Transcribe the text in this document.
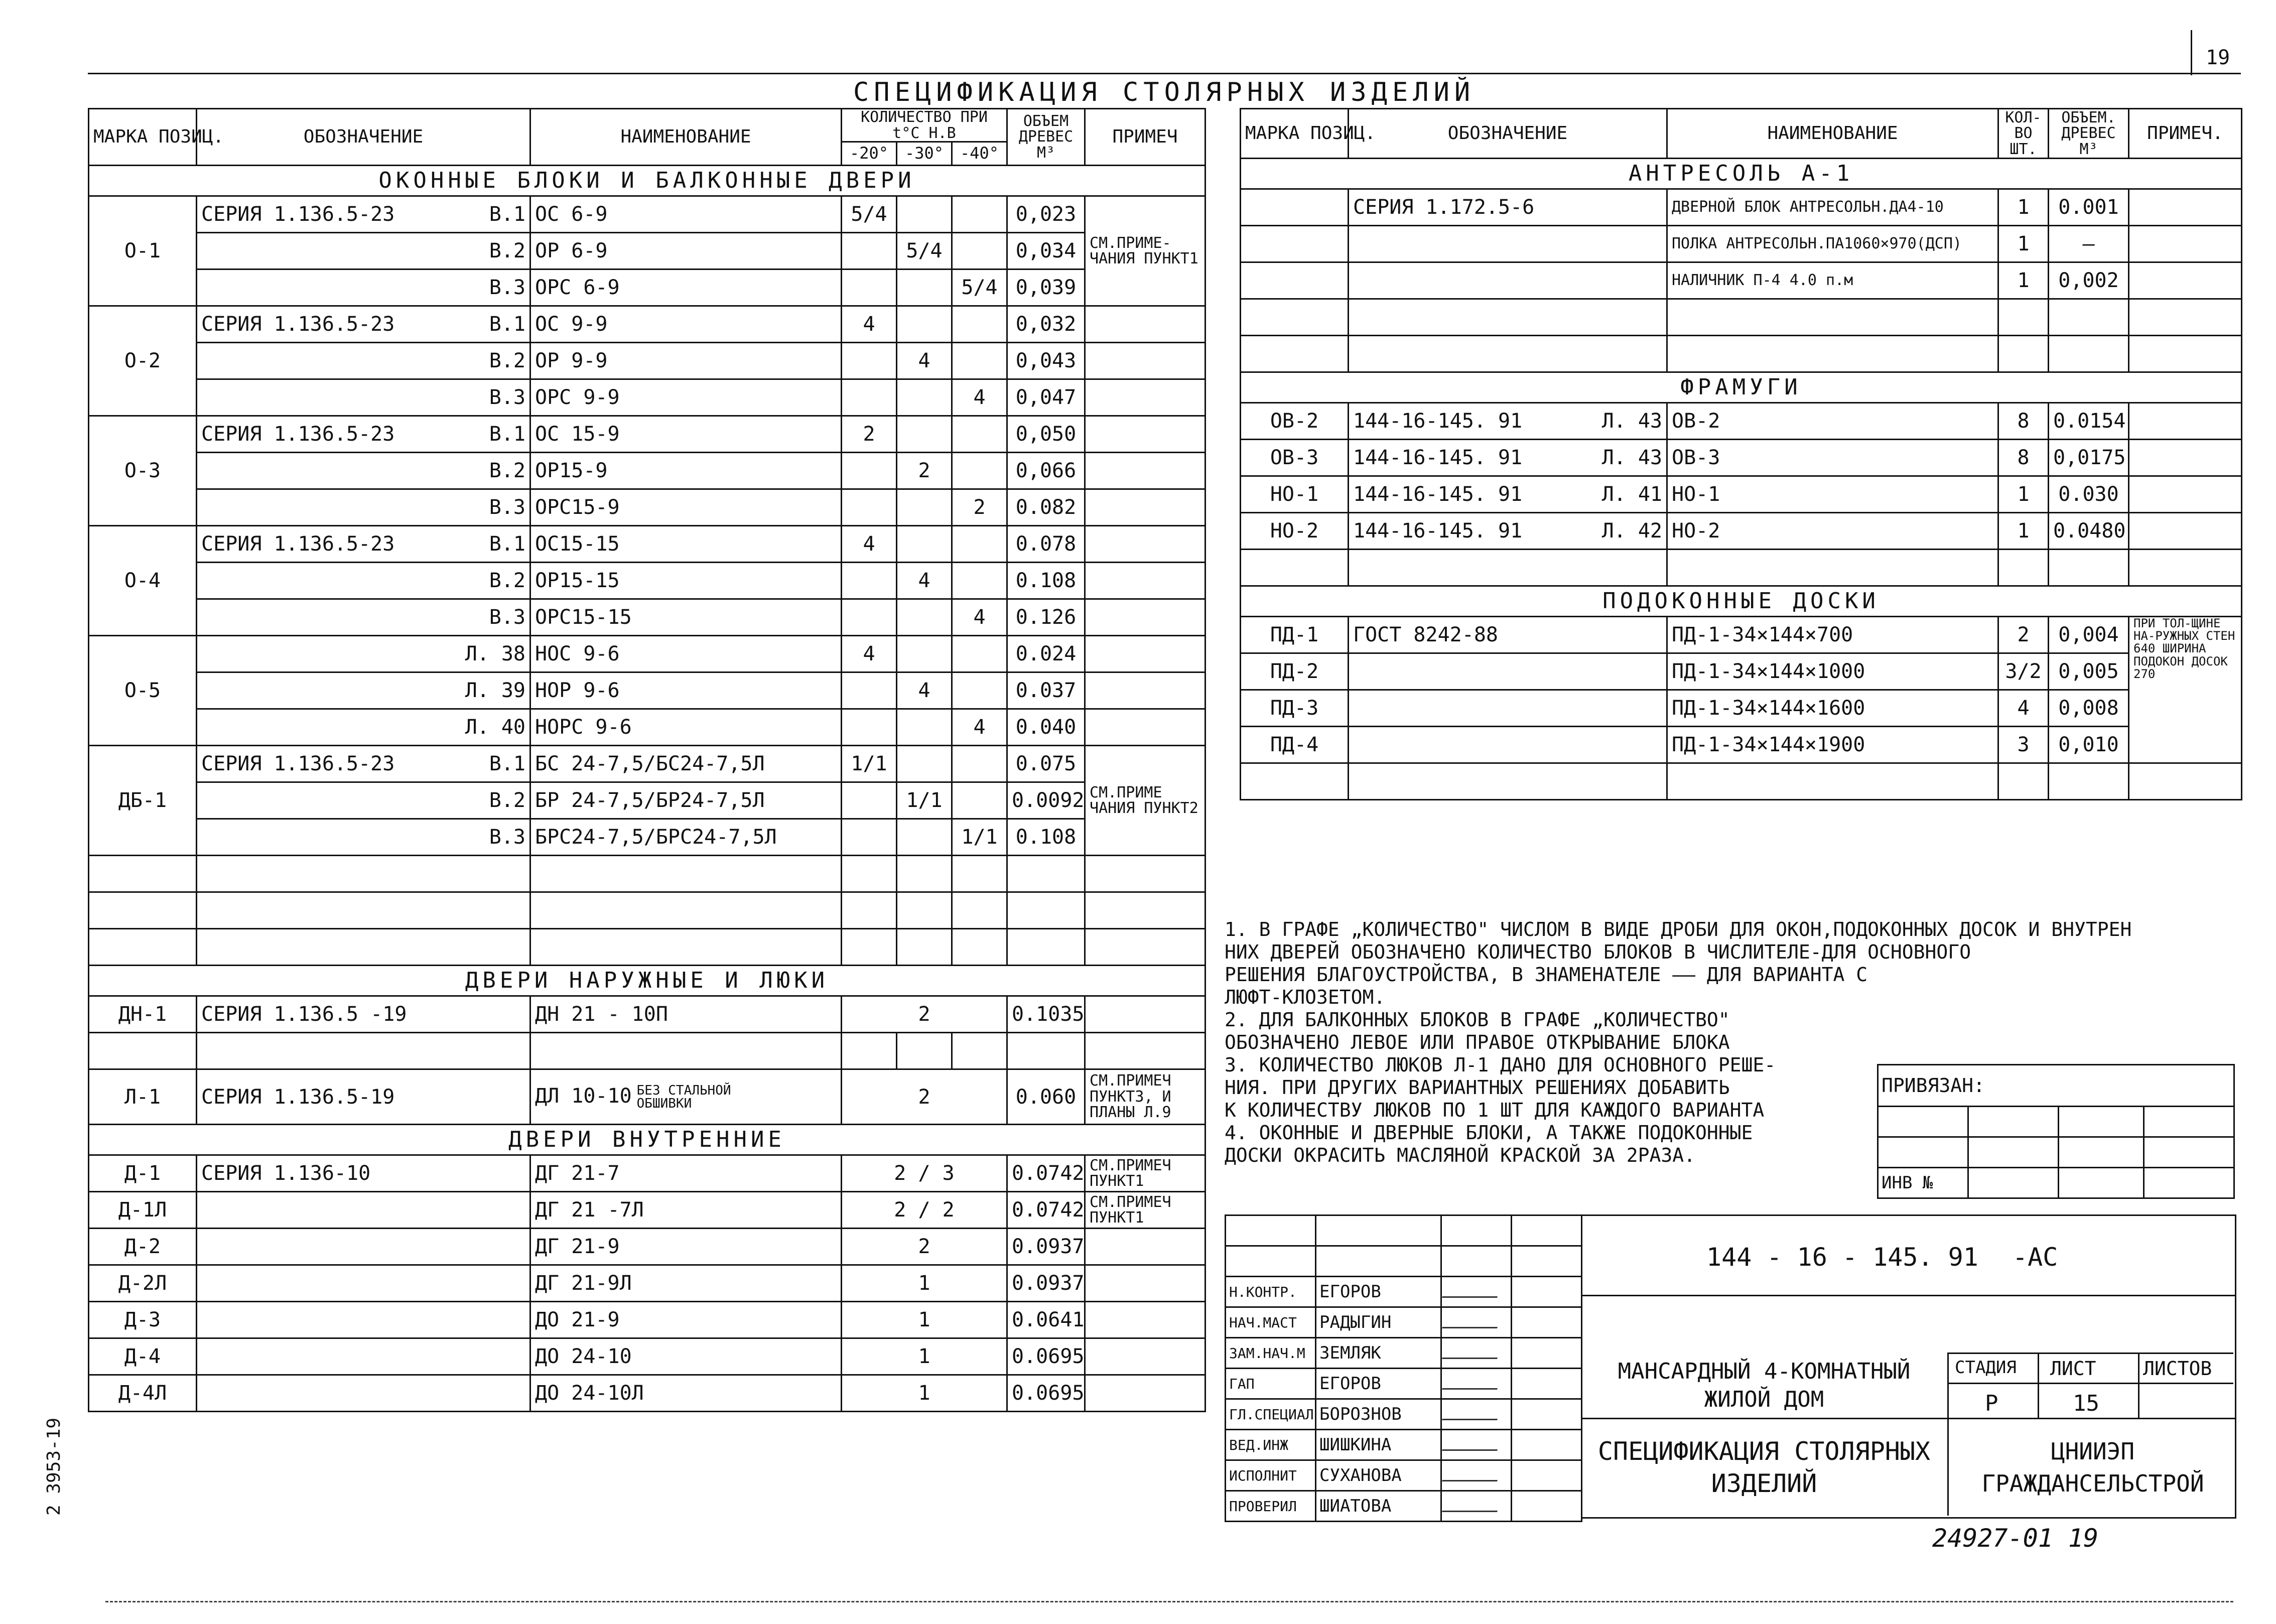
19
СПЕЦИФИКАЦИЯ СТОЛЯРНЫХ ИЗДЕЛИЙ
МАРКА ПОЗИЦ.	ОБОЗНАЧЕНИЕ	НАИМЕНОВАНИЕ	КОЛИЧЕСТВО ПРИ t°C Н.В			ОБЪЕМ ДРЕВЕС М³	ПРИМЕЧ
			-20°	-30°	-40°		
ОКОННЫЕ БЛОКИ И БАЛКОННЫЕ ДВЕРИ							
О-1	СЕРИЯ 1.136.5-23 В.1	ОС 6-9	5/4			0,023	СМ.ПРИМЕ-ЧАНИЯ ПУНКТ1

	В.2	ОР 6-9		5/4		0,034	

	В.3	ОРС 6-9			5/4	0,039	
О-2	СЕРИЯ 1.136.5-23 В.1	ОС 9-9	4			0,032	

	В.2	ОР 9-9		4		0,043	

	В.3	ОРС 9-9			4	0,047	
О-3	СЕРИЯ 1.136.5-23 В.1	ОС 15-9	2			0,050	

	В.2	ОР15-9		2		0,066	

	В.3	ОРС15-9			2	0.082	
О-4	СЕРИЯ 1.136.5-23 В.1	ОС15-15	4			0.078	

	В.2	ОР15-15		4		0.108	

	В.3	ОРС15-15			4	0.126	
О-5	Л. 38	НОС 9-6	4			0.024	

	Л. 39	НОР 9-6		4		0.037	

	Л. 40	НОРС 9-6			4	0.040	
ДБ-1	СЕРИЯ 1.136.5-23 В.1	БС 24-7,5/БС24-7,5Л	1/1			0.075	СМ.ПРИМЕ ЧАНИЯ ПУНКТ2

	В.2	БР 24-7,5/БР24-7,5Л		1/1		0.0092	

	В.3	БРС24-7,5/БРС24-7,5Л			1/1	0.108	

ДВЕРИ НАРУЖНЫЕ И ЛЮКИ							
ДН-1	СЕРИЯ 1.136.5 -19	ДН 21 - 10П	2			0.1035	

Л-1	СЕРИЯ 1.136.5-19	ДЛ 10-10 БЕЗ СТАЛЬНОЙ ОБШИВКИ	2			0.060	СМ.ПРИМЕЧ ПУНКТ3, И ПЛАНЫ Л.9
ДВЕРИ ВНУТРЕННИЕ							
Д-1	СЕРИЯ 1.136-10	ДГ 21-7	2 / 3			0.0742	СМ.ПРИМЕЧ ПУНКТ1
Д-1Л		ДГ 21 -7Л	2 / 2			0.0742	СМ.ПРИМЕЧ ПУНКТ1
Д-2		ДГ 21-9	2			0.0937	
Д-2Л		ДГ 21-9Л	1			0.0937	
Д-3		ДО 21-9	1			0.0641	
Д-4		ДО 24-10	1			0.0695	
Д-4Л		ДО 24-10Л	1			0.0695	
МАРКА ПОЗИЦ.	ОБОЗНАЧЕНИЕ	НАИМЕНОВАНИЕ	КОЛ-ВО ШТ.	ОБЪЕМ. ДРЕВЕС М³	ПРИМЕЧ.
АНТРЕСОЛЬ А-1					
	СЕРИЯ 1.172.5-6	ДВЕРНОЙ БЛОК АНТРЕСОЛЬН.ДА4-10	1	0.001	
		ПОЛКА АНТРЕСОЛЬН.ПА1060×970(ДСП)	1	—	
		НАЛИЧНИК П-4 4.0 п.м	1	0,002	

ФРАМУГИ					
ОВ-2	144-16-145. 91 Л. 43	ОВ-2	8	0.0154	
ОВ-3	144-16-145. 91 Л. 43	ОВ-3	8	0,0175	
НО-1	144-16-145. 91 Л. 41	НО-1	1	0.030	
НО-2	144-16-145. 91 Л. 42	НО-2	1	0.0480	

ПОДОКОННЫЕ ДОСКИ					
ПД-1	ГОСТ 8242-88	ПД-1-34×144×700	2	0,004	ПРИ ТОЛ-ЩИНЕ НА-РУЖНЫХ СТЕН 640 ШИРИНА ПОДОКОН ДОСОК 270
ПД-2		ПД-1-34×144×1000	3/2	0,005	
ПД-3		ПД-1-34×144×1600	4	0,008	
ПД-4		ПД-1-34×144×1900	3	0,010	

1. В ГРАФЕ „КОЛИЧЕСТВО" ЧИСЛОМ В ВИДЕ ДРОБИ ДЛЯ ОКОН,ПОДОКОННЫХ ДОСОК И ВНУТРЕН
НИХ ДВЕРЕЙ ОБОЗНАЧЕНО КОЛИЧЕСТВО БЛОКОВ В ЧИСЛИТЕЛЕ-ДЛЯ ОСНОВНОГО
РЕШЕНИЯ БЛАГОУСТРОЙСТВА, В ЗНАМЕНАТЕЛЕ —— ДЛЯ ВАРИАНТА С
ЛЮФТ-КЛОЗЕТОМ.
2. ДЛЯ БАЛКОННЫХ БЛОКОВ В ГРАФЕ „КОЛИЧЕСТВО"
ОБОЗНАЧЕНО ЛЕВОЕ ИЛИ ПРАВОЕ ОТКРЫВАНИЕ БЛОКА
3. КОЛИЧЕСТВО ЛЮКОВ Л-1 ДАНО ДЛЯ ОСНОВНОГО РЕШЕ-
НИЯ. ПРИ ДРУГИХ ВАРИАНТНЫХ РЕШЕНИЯХ ДОБАВИТЬ
К КОЛИЧЕСТВУ ЛЮКОВ ПО 1 ШТ ДЛЯ КАЖДОГО ВАРИАНТА
4. ОКОННЫЕ И ДВЕРНЫЕ БЛОКИ, А ТАКЖЕ ПОДОКОННЫЕ
ДОСКИ ОКРАСИТЬ МАСЛЯНОЙ КРАСКОЙ ЗА 2РАЗА.
ПРИВЯЗАН:			

ИНВ №			

Н.КОНТР.	ЕГОРОВ		
НАЧ.МАСТ	РАДЫГИН		
ЗАМ.НАЧ.М	ЗЕМЛЯК		
ГАП	ЕГОРОВ		
ГЛ.СПЕЦИАЛ	БОРОЗНОВ		
ВЕД.ИНЖ	ШИШКИНА		
ИСПОЛНИТ	СУХАНОВА		
ПРОВЕРИЛ	ШИАТОВА		
144 - 16 - 145. 91 -АС
МАНСАРДНЫЙ 4-КОМНАТНЫЙ ЖИЛОЙ ДОМ
СТАДИЯ ЛИСТ ЛИСТОВ
Р	15
СПЕЦИФИКАЦИЯ СТОЛЯРНЫХ ИЗДЕЛИЙ
ЦНИИЭП ГРАЖДАНСЕЛЬСТРОЙ
24927-01 19
2 3953-19
